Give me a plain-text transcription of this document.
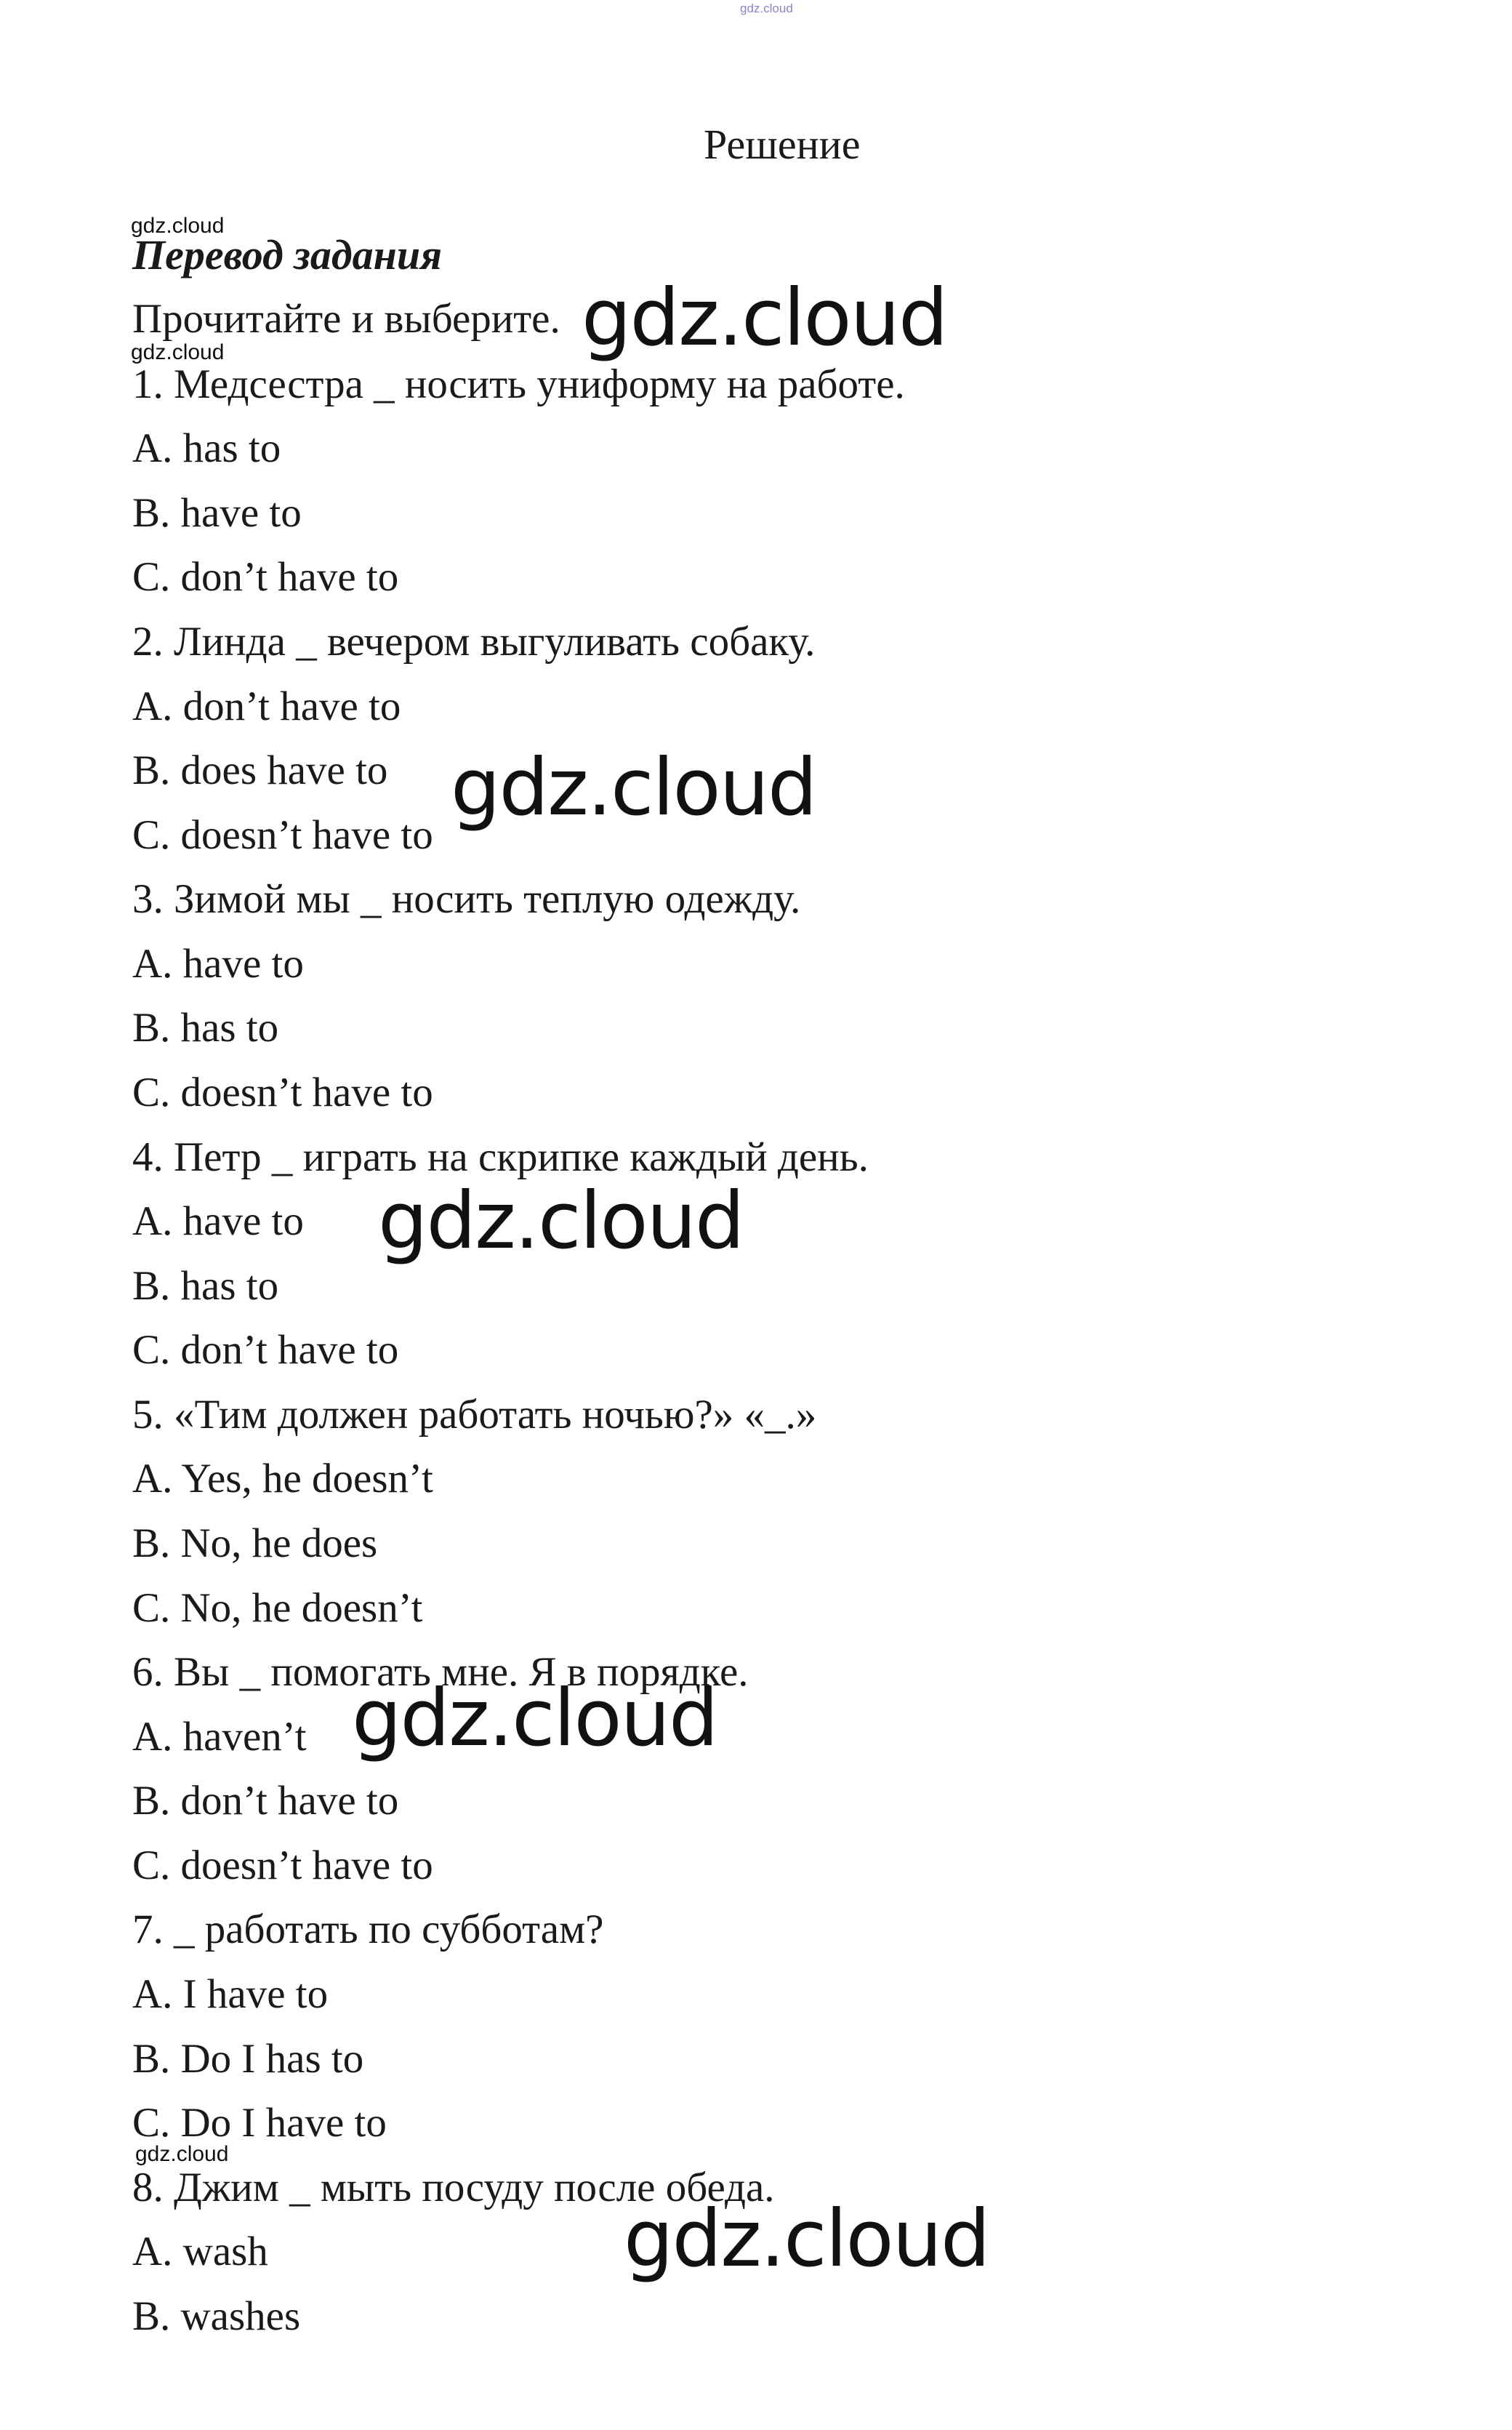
gdz.cloud
Решение
gdz.cloud
Перевод задания
Прочитайте и выберите.
gdz.cloud
1. Медсестра _ носить униформу на работе.
A. has to
B. have to
C. don’t have to
2. Линда _ вечером выгуливать собаку.
A. don’t have to
B. does have to
C. doesn’t have to
3. Зимой мы _ носить теплую одежду.
A. have to
B. has to
C. doesn’t have to
4. Петр _ играть на скрипке каждый день.
A. have to
B. has to
C. don’t have to
5. «Тим должен работать ночью?» «_.»
A. Yes, he doesn’t
B. No, he does
C. No, he doesn’t
6. Вы _ помогать мне. Я в порядке.
A. haven’t
B. don’t have to
C. doesn’t have to
7. _ работать по субботам?
A. I have to
B. Do I has to
C. Do I have to
gdz.cloud
8. Джим _ мыть посуду после обеда.
A. wash
B. washes
gdz.cloud
gdz.cloud
gdz.cloud
gdz.cloud
gdz.cloud
